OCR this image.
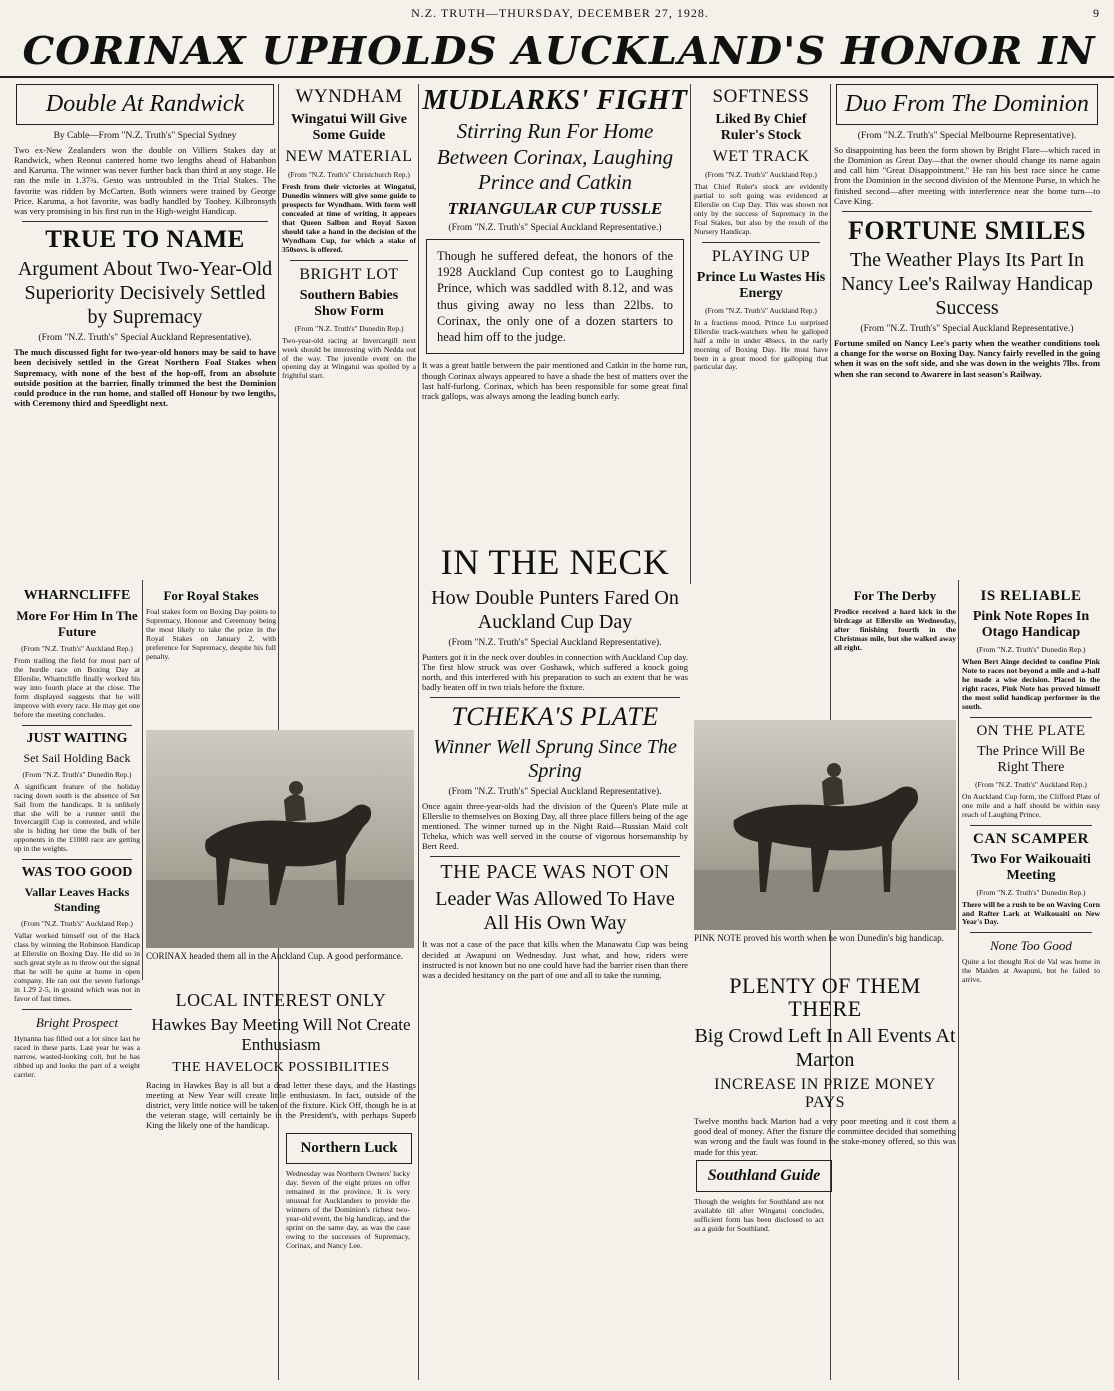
N.Z. TRUTH—THURSDAY, DECEMBER 27, 1928.	9
CORINAX UPHOLDS AUCKLAND'S HONOR IN
Double At Randwick
By Cable—From "N.Z. Truth's" Special Sydney

Two ex-New Zealanders won the double on Villiers Stakes day at Randwick, when Reonui cantered home two lengths ahead of Habanbon and Karuma. The winner was never further back than third at any stage. He ran the mile in 1.37¾. Gesto was untroubled in the Trial Stakes. The favorite was ridden by McCarten. Both winners were trained by George Price. Karuma, a hot favorite, was badly handled by Toohey. Kilbronsyth was very promising in his first run in the High-weight Handicap.

TRUE TO NAME
Argument About Two-Year-Old Superiority Decisively Settled by Supremacy
(From "N.Z. Truth's" Special Auckland Representative).

The much discussed fight for two-year-old honors may be said to have been decisively settled in the Great Northern Foal Stakes when Supremacy, with none of the best of the hop-off, from an absolute outside position at the barrier, finally trimmed the best the Dominion could produce in the run home, and stalled off Honour by two lengths, with Ceremony third and Speedlight next.

WHARNCLIFFE
More For Him In The Future
(From "N.Z. Truth's" Auckland Rep.)

From trailing the field for most part of the hurdle race on Boxing Day at Ellerslie, Wharncliffe finally worked his way into fourth place at the close. The form displayed suggests that he will improve with every race. He may get one before the meeting concludes.

JUST WAITING
Set Sail Holding Back
(From "N.Z. Truth's" Dunedin Rep.)

A significant feature of the holiday racing down south is the absence of Set Sail from the handicaps. It is unlikely that she will be a runner until the Invercargill Cup is contested, and while she is biding her time the bulk of her opponents in the £1000 race are getting up in the weights.

WAS TOO GOOD
Vallar Leaves Hacks Standing
(From "N.Z. Truth's" Auckland Rep.)

Vallar worked himself out of the Hack class by winning the Robinson Handicap at Ellerslie on Boxing Day. He did so in such great style as to throw out the signal that he will be quite at home in open company. He ran out the seven furlongs in 1.29 2-5, in ground which was not in favor of fast times.

Bright Prospect

Hynanna has filled out a lot since last he raced in these parts. Last year he was a narrow, wasted-looking colt, but he has ribbed up and looks the part of a weight carrier.

WYNDHAM
Wingatui Will Give Some Guide
NEW MATERIAL
(From "N.Z. Truth's" Christchurch Rep.)

Fresh from their victories at Wingatui, Dunedin winners will give some guide to prospects for Wyndham. With form well concealed at time of writing, it appears that Queen Salbon and Royal Saxon should take a hand in the decision of the Wyndham Cup, for which a stake of 350sovs. is offered.

BRIGHT LOT
Southern Babies Show Form
(From "N.Z. Truth's" Dunedin Rep.)

Two-year-old racing at Invercargill next week should be interesting with Nedda out of the way. The juvenile event on the opening day at Wingatui was spoiled by a frightful start.

For Royal Stakes

Foal stakes form on Boxing Day points to Supremacy, Honour and Ceremony being the most likely to take the prize in the Royal Stakes on January 2, with preference for Supremacy, despite his full penalty.

CORINAX headed them all in the Auckland Cup. A good performance.
MUDLARKS' FIGHT
Stirring Run For Home Between Corinax, Laughing Prince and Catkin
TRIANGULAR CUP TUSSLE
(From "N.Z. Truth's" Special Auckland Representative.)
Though he suffered defeat, the honors of the 1928 Auckland Cup contest go to Laughing Prince, which was saddled with 8.12, and was thus giving away no less than 22lbs. to Corinax, the only one of a dozen starters to head him off to the judge.

It was a great battle between the pair mentioned and Catkin in the home run, though Corinax always appeared to have a shade the best of matters over the last half-furlong. Corinax, which has been responsible for some great final track gallops, was always among the leading bunch early.

IN THE NECK
How Double Punters Fared On Auckland Cup Day
(From "N.Z. Truth's" Special Auckland Representative).

Punters got it in the neck over doubles in connection with Auckland Cup day. The first blow struck was over Goshawk, which suffered a knock going north, and this interfered with his preparation to such an extent that he was badly beaten off in two trials before the fixture.

TCHEKA'S PLATE
Winner Well Sprung Since The Spring
(From "N.Z. Truth's" Special Auckland Representative).

Once again three-year-olds had the division of the Queen's Plate mile at Ellerslie to themselves on Boxing Day, all three place fillers being of the age mentioned. The winner turned up in the Night Raid—Russian Maid colt Tcheka, which was well served in the course of vigorous horsemanship by Bert Reed.

THE PACE WAS NOT ON
Leader Was Allowed To Have All His Own Way

It was not a case of the pace that kills when the Manawatu Cup was being decided at Awapuni on Wednesday. Just what, and how, riders were instructed is not known but no one could have had the barrier risen than there was a decided hesitancy on the part of one and all to take the running.

SOFTNESS
Liked By Chief Ruler's Stock
WET TRACK
(From "N.Z. Truth's" Auckland Rep.)

That Chief Ruler's stock are evidently partial to soft going was evidenced at Ellerslie on Cup Day. This was shown not only by the success of Supremacy in the Foal Stakes, but also by the result of the Nursery Handicap.

PLAYING UP
Prince Lu Wastes His Energy
(From "N.Z. Truth's" Auckland Rep.)

In a fractious mood, Prince Lu surprised Ellerslie track-watchers when he galloped half a mile in under 48secs. in the early morning of Boxing Day. He must have been in a great mood for galloping that particular day.

For The Derby

Prodice received a hard kick in the birdcage at Ellerslie on Wednesday, after finishing fourth in the Christmas mile, but she walked away all right.

PINK NOTE proved his worth when he won Dunedin's big handicap.
PLENTY OF THEM THERE
Big Crowd Left In All Events At Marton
INCREASE IN PRIZE MONEY PAYS

Twelve months back Marton had a very poor meeting and it cost them a good deal of money. After the fixture the committee decided that something was wrong and the fault was found in the stake-money offered, so this was made for this year.

Southland Guide

Though the weights for Southland are not available till after Wingatui concludes, sufficient form has been disclosed to act as a guide for Southland.

Duo From The Dominion
(From "N.Z. Truth's" Special Melbourne Representative).

So disappointing has been the form shown by Bright Flare—which raced in the Dominion as Great Day—that the owner should change its name again and call him "Great Disappointment." He ran his best race since he came from the Dominion in the second division of the Mentone Purse, in which he finished second—after meeting with interference near the home turn—to Cave King.

FORTUNE SMILES
The Weather Plays Its Part In Nancy Lee's Railway Handicap Success
(From "N.Z. Truth's" Special Auckland Representative.)

Fortune smiled on Nancy Lee's party when the weather conditions took a change for the worse on Boxing Day. Nancy fairly revelled in the going when it was on the soft side, and she was down in the weights 7lbs. from when she ran second to Awarere in last season's Railway.

IS RELIABLE
Pink Note Ropes In Otago Handicap
(From "N.Z. Truth's" Dunedin Rep.)

When Bert Ainge decided to confine Pink Note to races not beyond a mile and a-half he made a wise decision. Placed in the right races, Pink Note has proved himself the most solid handicap performer in the south.

ON THE PLATE
The Prince Will Be Right There
(From "N.Z. Truth's" Auckland Rep.)

On Auckland Cup form, the Clifford Plate of one mile and a half should be within easy reach of Laughing Prince.

CAN SCAMPER
Two For Waikouaiti Meeting
(From "N.Z. Truth's" Dunedin Rep.)

There will be a rush to be on Waving Corn and Rafter Lark at Waikouaiti on New Year's Day.

None Too Good

Quite a lot thought Roi de Val was home in the Maiden at Awapuni, but he failed to arrive.

LOCAL INTEREST ONLY
Hawkes Bay Meeting Will Not Create Enthusiasm
THE HAVELOCK POSSIBILITIES

Racing in Hawkes Bay is all but a dead letter these days, and the Hastings meeting at New Year will create little enthusiasm. In fact, outside of the district, very little notice will be taken of the fixture. Kick Off, though he is at the veteran stage, will certainly be in the President's, with perhaps Superb King the likely one of the handicap.

Northern Luck

Wednesday was Northern Owners' lucky day. Seven of the eight prizes on offer remained in the province. It is very unusual for Aucklanders to provide the winners of the Dominion's richest two-year-old event, the big handicap, and the sprint on the same day, as was the case owing to the successes of Supremacy, Corinax, and Nancy Lee.
